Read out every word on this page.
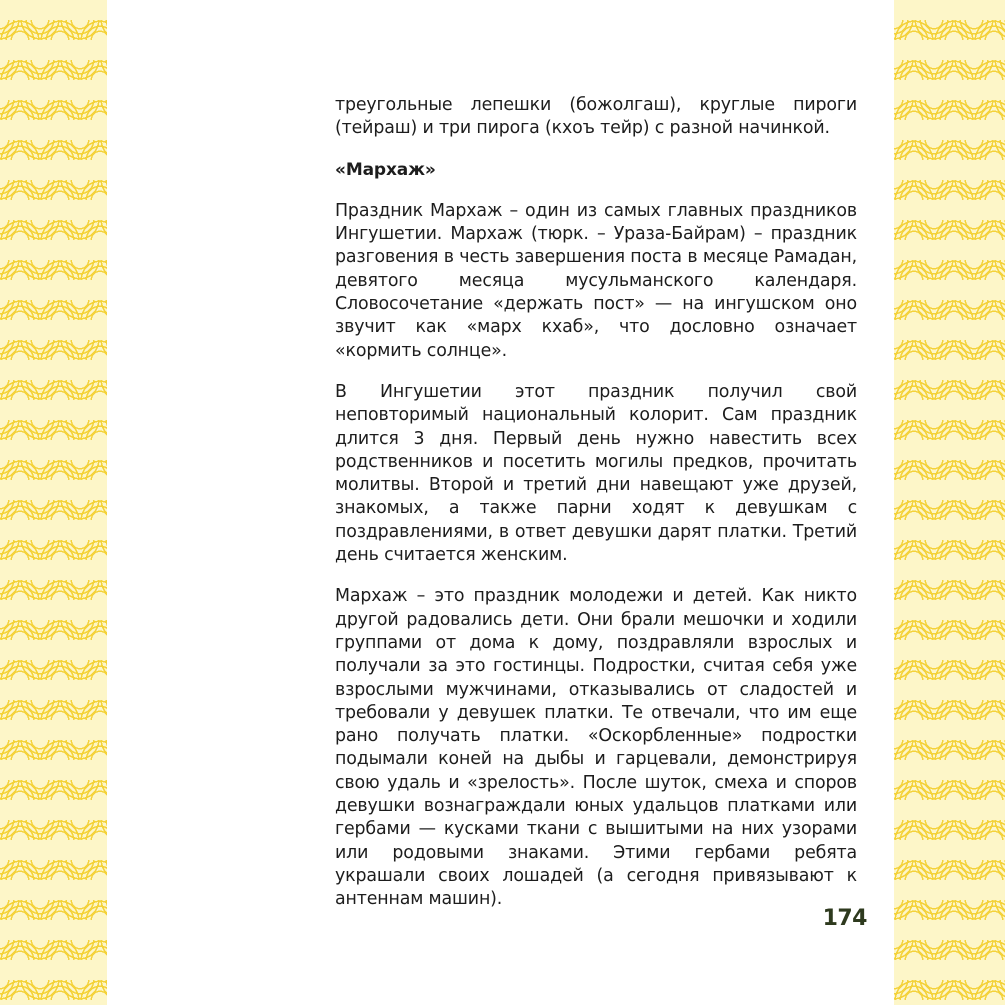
треугольные лепешки (божолгаш), круглые пироги (тейраш) и три пирога (кхоъ тейр) с разной начинкой.

«Мархаж»

Праздник Мархаж – один из самых главных праздников Ингушетии. Мархаж (тюрк. – Ураза-Байрам) – праздник разговения в честь завершения поста в месяце Рамадан, девятого месяца мусульманского календаря. Словосочетание «держать пост» — на ингушском оно звучит как «марх кхаб», что дословно означает «кормить солнце».

В Ингушетии этот праздник получил свой неповторимый национальный колорит. Сам праздник длится 3 дня. Первый день нужно навестить всех родственников и посетить могилы предков, прочитать молитвы. Второй и третий дни навещают уже друзей, знакомых, а также парни ходят к девушкам с поздравлениями, в ответ девушки дарят платки. Третий день считается женским.

Мархаж – это праздник молодежи и детей. Как никто другой радовались дети. Они брали мешочки и ходили группами от дома к дому, поздравляли взрослых и получали за это гостинцы. Подростки, считая себя уже взрослыми мужчинами, отказывались от сладостей и требовали у девушек платки. Те отвечали, что им еще рано получать платки. «Оскорбленные» подростки подымали коней на дыбы и гарцевали, демонстрируя свою удаль и «зрелость». После шуток, смеха и споров девушки вознаграждали юных удальцов платками или гербами — кусками ткани с вышитыми на них узорами или родовыми знаками. Этими гербами ребята украшали своих лошадей (а сегодня привязывают к антеннам машин).

174
